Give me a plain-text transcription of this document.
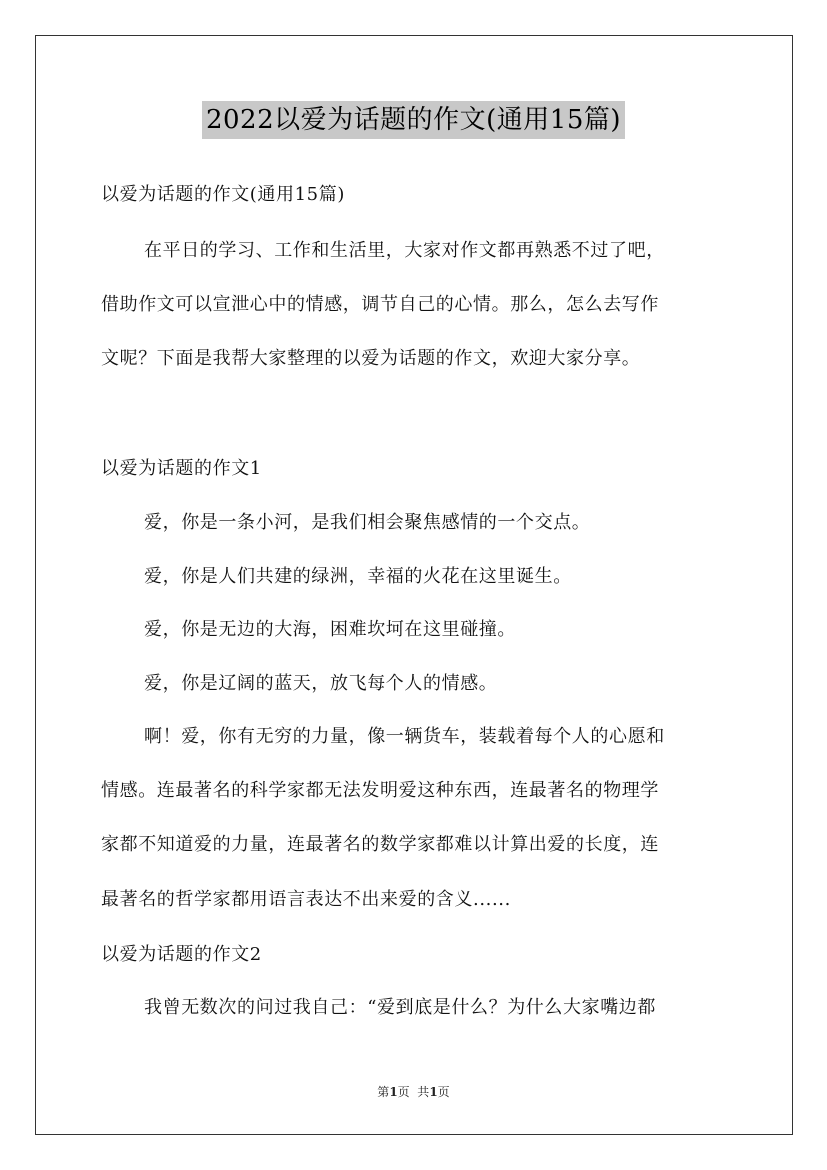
2022以爱为话题的作文(通用15篇)
以爱为话题的作文(通用15篇)
在平日的学习、工作和生活里，大家对作文都再熟悉不过了吧，
借助作文可以宣泄心中的情感，调节自己的心情。那么，怎么去写作
文呢？下面是我帮大家整理的以爱为话题的作文，欢迎大家分享。
以爱为话题的作文1
爱，你是一条小河，是我们相会聚焦感情的一个交点。
爱，你是人们共建的绿洲，幸福的火花在这里诞生。
爱，你是无边的大海，困难坎坷在这里碰撞。
爱，你是辽阔的蓝天，放飞每个人的情感。
啊！爱，你有无穷的力量，像一辆货车，装载着每个人的心愿和
情感。连最著名的科学家都无法发明爱这种东西，连最著名的物理学
家都不知道爱的力量，连最著名的数学家都难以计算出爱的长度，连
最著名的哲学家都用语言表达不出来爱的含义......
以爱为话题的作文2
我曾无数次的问过我自己：“爱到底是什么？为什么大家嘴边都
第1页  共1页
